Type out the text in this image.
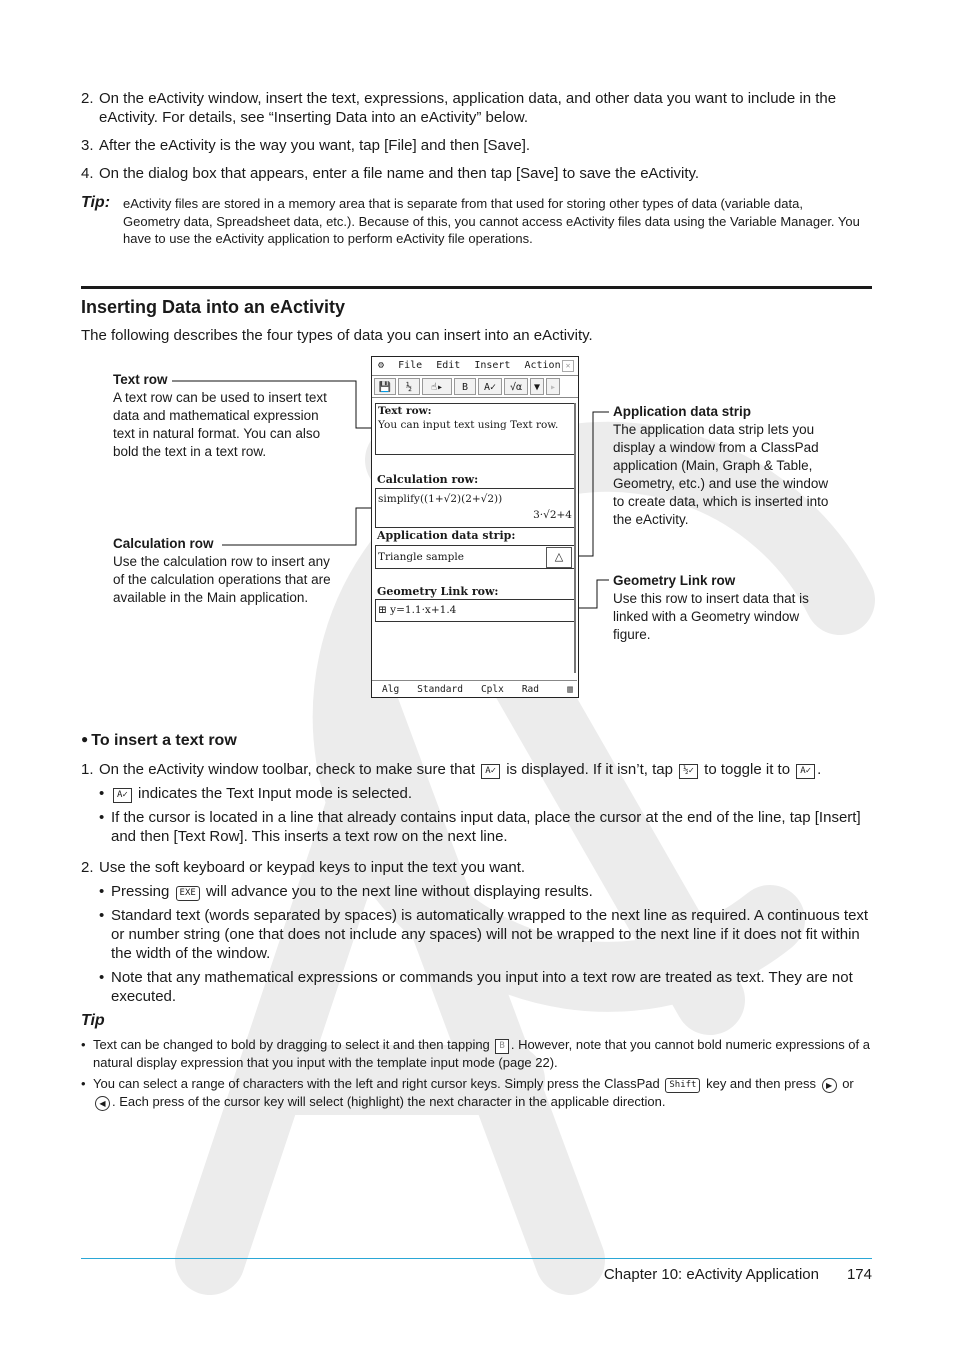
2. On the eActivity window, insert the text, expressions, application data, and other data you want to include in the eActivity. For details, see “Inserting Data into an eActivity” below.
3. After the eActivity is the way you want, tap [File] and then [Save].
4. On the dialog box that appears, enter a file name and then tap [Save] to save the eActivity.
Tip: eActivity files are stored in a memory area that is separate from that used for storing other types of data (variable data, Geometry data, Spreadsheet data, etc.). Because of this, you cannot access eActivity files data using the Variable Manager. You have to use the eActivity application to perform eActivity file operations.
Inserting Data into an eActivity
The following describes the four types of data you can insert into an eActivity.
Text row
A text row can be used to insert text data and mathematical expression text in natural format. You can also bold the text in a text row.
Calculation row
Use the calculation row to insert any of the calculation operations that are available in the Main application.
Application data strip
The application data strip lets you display a window from a ClassPad application (Main, Graph & Table, Geometry, etc.) and use the window to create data, which is inserted into the eActivity.
Geometry Link row
Use this row to insert data that is linked with a Geometry window figure.
⚙ File Edit Insert Action ✕
💾	½	☝▸	B	A✓	√α	▼ ▸
Text row:
You can input text using Text row.
Calculation row:
simplify((1+√2)(2+√2))
3·√2+4
Application data strip:
Triangle sample	△
Geometry Link row:
⊞ y=1.1·x+1.4
Alg Standard Cplx Rad	▥
● To insert a text row
1. On the eActivity window toolbar, check to make sure that A✓ is displayed. If it isn’t, tap ½✓ to toggle it to A✓ .
• A✓ indicates the Text Input mode is selected.
• If the cursor is located in a line that already contains input data, place the cursor at the end of the line, tap [Insert] and then [Text Row]. This inserts a text row on the next line.
2. Use the soft keyboard or keypad keys to input the text you want.
• Pressing EXE will advance you to the next line without displaying results.
• Standard text (words separated by spaces) is automatically wrapped to the next line as required. A continuous text or number string (one that does not include any spaces) will not be wrapped to the next line if it does not fit within the width of the window.
• Note that any mathematical expressions or commands you input into a text row are treated as text. They are not executed.
Tip
• Text can be changed to bold by dragging to select it and then tapping B . However, note that you cannot bold numeric expressions of a natural display expression that you input with the template input mode (page 22).
• You can select a range of characters with the left and right cursor keys. Simply press the ClassPad Shift key and then press ▶ or ◀ . Each press of the cursor key will select (highlight) the next character in the applicable direction.
Chapter 10: eActivity Application 174
